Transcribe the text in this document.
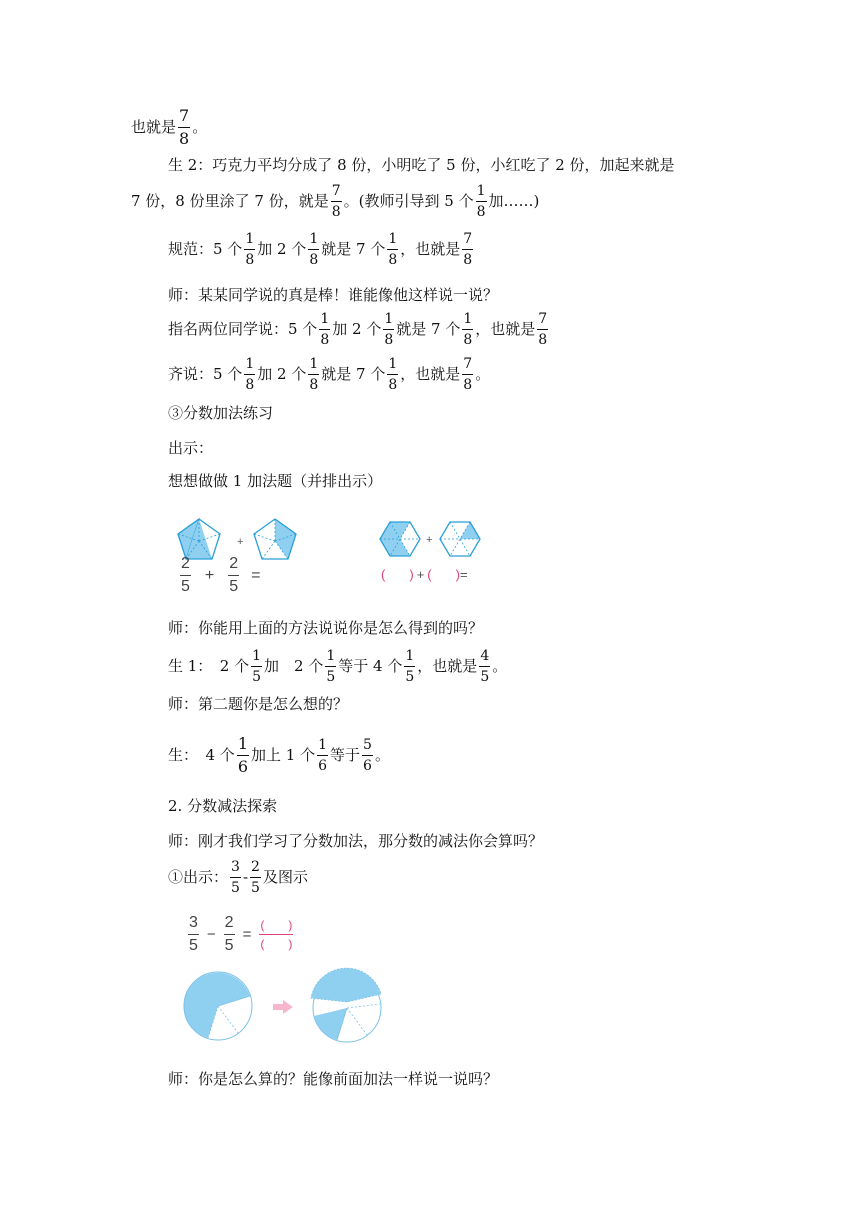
也就是 $\frac{7}{8}$ 。
生 2：巧克力平均分成了 8 份，小明吃了 5 份，小红吃了 2 份，加起来就是
7 份，8 份里涂了 7 份，就是 $\frac{7}{8}$ 。(教师引导到 5 个 $\frac{1}{8}$ 加……)
规范：5 个 $\frac{1}{8}$ 加 2 个 $\frac{1}{8}$ 就是 7 个 $\frac{1}{8}$ ，也就是 $\frac{7}{8}$
师：某某同学说的真是棒！谁能像他这样说一说？
指名两位同学说：5 个 $\frac{1}{8}$ 加 2 个 $\frac{1}{8}$ 就是 7 个 $\frac{1}{8}$ ，也就是 $\frac{7}{8}$
齐说：5 个 $\frac{1}{8}$ 加 2 个 $\frac{1}{8}$ 就是 7 个 $\frac{1}{8}$ ，也就是 $\frac{7}{8}$ 。
③分数加法练习
出示：
想想做做 1 加法题（并排出示）
+	+
$\frac{2}{5} + \frac{2}{5}$ =	( ) + ( ) =
师：你能用上面的方法说说你是怎么得到的吗？
生 1：　2 个 $\frac{1}{5}$ 加　2 个 $\frac{1}{5}$ 等于 4 个 $\frac{1}{5}$ ，也就是 $\frac{4}{5}$ 。
师：第二题你是怎么想的？
生：　4 个 $\frac{1}{6}$ 加上 1 个 $\frac{1}{6}$ 等于 $\frac{5}{6}$ 。
2. 分数减法探索
师：刚才我们学习了分数加法，那分数的减法你会算吗？
①出示： $\frac{3}{5} - \frac{2}{5}$ 及图示
$\frac{3}{5} - \frac{2}{5}$ =
(　　)
(　　)
师：你是怎么算的？能像前面加法一样说一说吗？
